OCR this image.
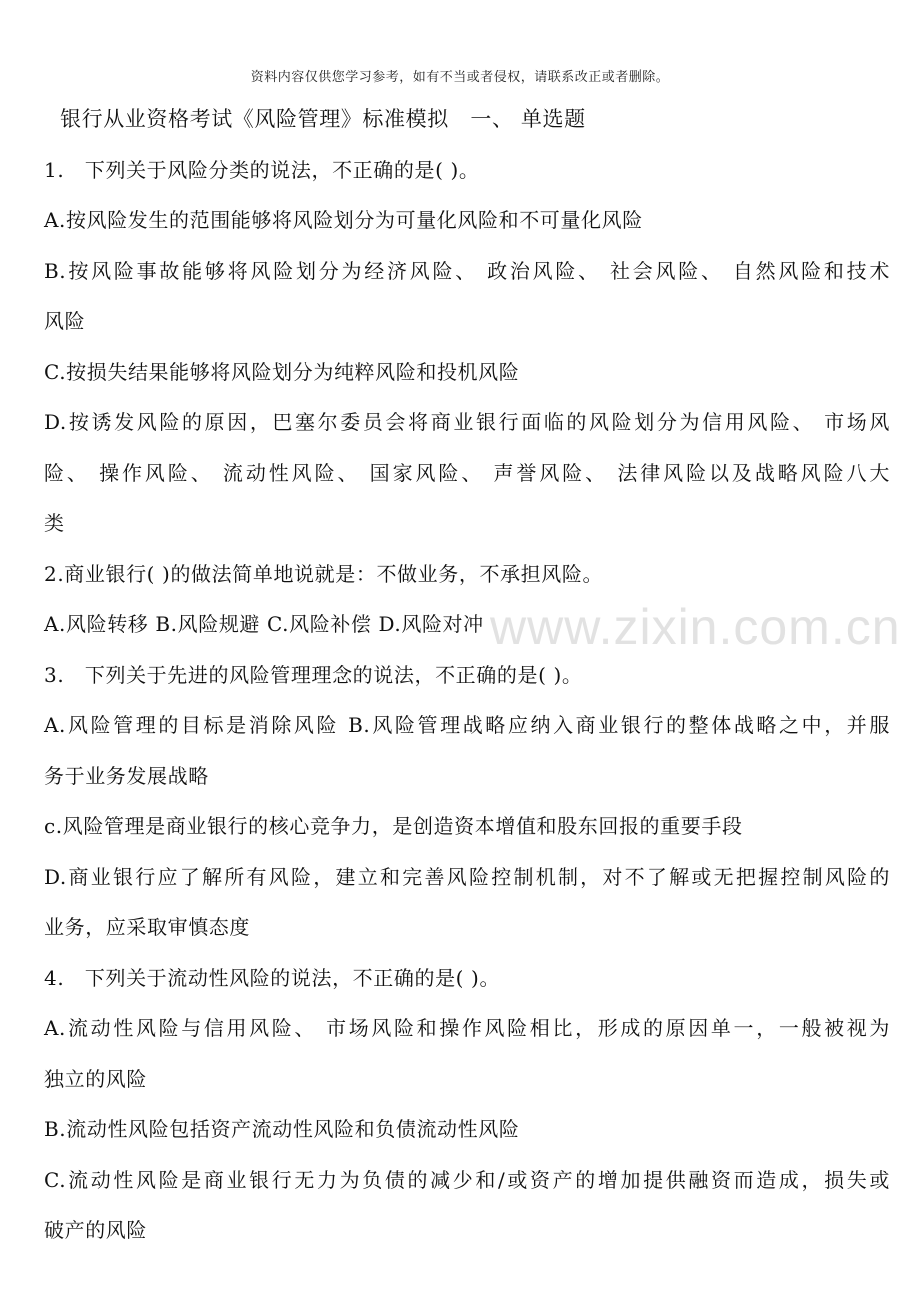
资料内容仅供您学习参考，如有不当或者侵权，请联系改正或者删除。
www.zixin.com.cn
银行从业资格考试《风险管理》标准模拟　一、 单选题
1.　下列关于风险分类的说法，不正确的是( )。
A.按风险发生的范围能够将风险划分为可量化风险和不可量化风险
B.按风险事故能够将风险划分为经济风险、 政治风险、 社会风险、 自然风险和技术
风险
C.按损失结果能够将风险划分为纯粹风险和投机风险
D.按诱发风险的原因，巴塞尔委员会将商业银行面临的风险划分为信用风险、 市场风
险、 操作风险、 流动性风险、 国家风险、 声誉风险、 法律风险以及战略风险八大
类
2.商业银行( )的做法简单地说就是：不做业务，不承担风险。
A.风险转移 B.风险规避 C.风险补偿 D.风险对冲
3.　下列关于先进的风险管理理念的说法，不正确的是( )。
A.风险管理的目标是消除风险 B.风险管理战略应纳入商业银行的整体战略之中，并服
务于业务发展战略
c.风险管理是商业银行的核心竞争力，是创造资本增值和股东回报的重要手段
D.商业银行应了解所有风险，建立和完善风险控制机制，对不了解或无把握控制风险的
业务，应采取审慎态度
4.　下列关于流动性风险的说法，不正确的是( )。
A.流动性风险与信用风险、 市场风险和操作风险相比，形成的原因单一，一般被视为
独立的风险
B.流动性风险包括资产流动性风险和负债流动性风险
C.流动性风险是商业银行无力为负债的减少和/或资产的增加提供融资而造成，损失或
破产的风险
